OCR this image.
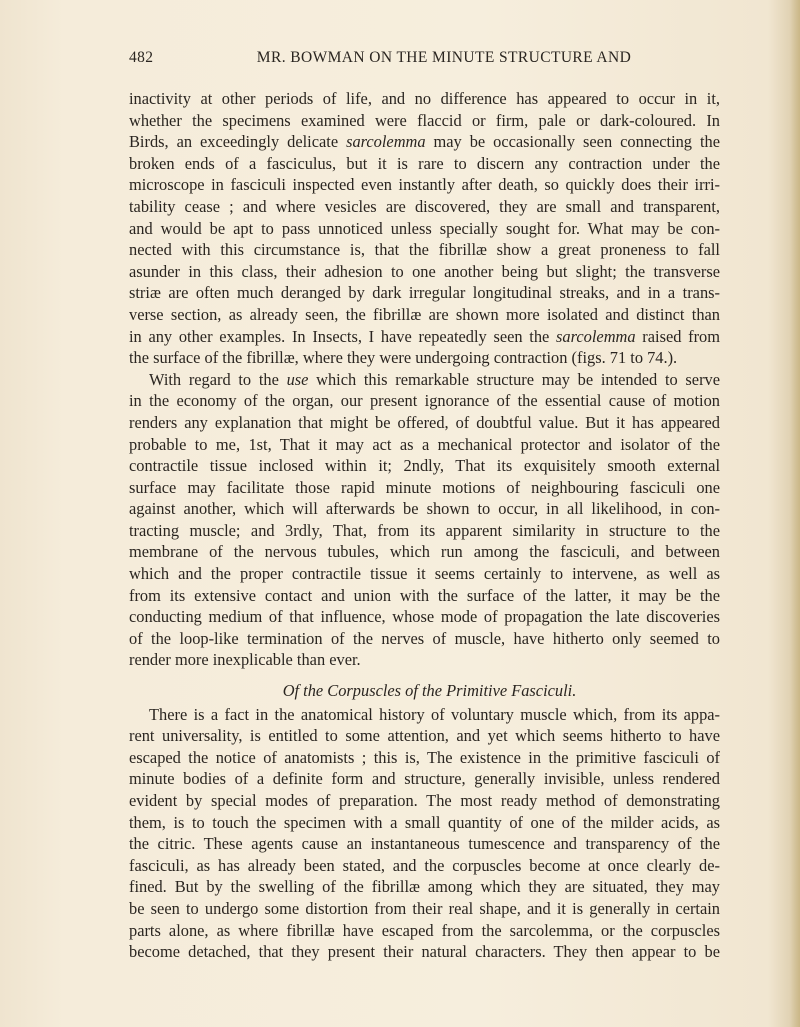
482	MR. BOWMAN ON THE MINUTE STRUCTURE AND
inactivity at other periods of life, and no difference has appeared to occur in it,
whether the specimens examined were flaccid or firm, pale or dark-coloured. In
Birds, an exceedingly delicate sarcolemma may be occasionally seen connecting the
broken ends of a fasciculus, but it is rare to discern any contraction under the
microscope in fasciculi inspected even instantly after death, so quickly does their irri-
tability cease ; and where vesicles are discovered, they are small and transparent,
and would be apt to pass unnoticed unless specially sought for. What may be con-
nected with this circumstance is, that the fibrillæ show a great proneness to fall
asunder in this class, their adhesion to one another being but slight; the transverse
striæ are often much deranged by dark irregular longitudinal streaks, and in a trans-
verse section, as already seen, the fibrillæ are shown more isolated and distinct than
in any other examples. In Insects, I have repeatedly seen the sarcolemma raised from
the surface of the fibrillæ, where they were undergoing contraction (figs. 71 to 74.).
With regard to the use which this remarkable structure may be intended to serve
in the economy of the organ, our present ignorance of the essential cause of motion
renders any explanation that might be offered, of doubtful value. But it has appeared
probable to me, 1st, That it may act as a mechanical protector and isolator of the
contractile tissue inclosed within it; 2ndly, That its exquisitely smooth external
surface may facilitate those rapid minute motions of neighbouring fasciculi one
against another, which will afterwards be shown to occur, in all likelihood, in con-
tracting muscle; and 3rdly, That, from its apparent similarity in structure to the
membrane of the nervous tubules, which run among the fasciculi, and between
which and the proper contractile tissue it seems certainly to intervene, as well as
from its extensive contact and union with the surface of the latter, it may be the
conducting medium of that influence, whose mode of propagation the late discoveries
of the loop-like termination of the nerves of muscle, have hitherto only seemed to
render more inexplicable than ever.
Of the Corpuscles of the Primitive Fasciculi.
There is a fact in the anatomical history of voluntary muscle which, from its appa-
rent universality, is entitled to some attention, and yet which seems hitherto to have
escaped the notice of anatomists ; this is, The existence in the primitive fasciculi of
minute bodies of a definite form and structure, generally invisible, unless rendered
evident by special modes of preparation. The most ready method of demonstrating
them, is to touch the specimen with a small quantity of one of the milder acids, as
the citric. These agents cause an instantaneous tumescence and transparency of the
fasciculi, as has already been stated, and the corpuscles become at once clearly de-
fined. But by the swelling of the fibrillæ among which they are situated, they may
be seen to undergo some distortion from their real shape, and it is generally in certain
parts alone, as where fibrillæ have escaped from the sarcolemma, or the corpuscles
become detached, that they present their natural characters. They then appear to be
